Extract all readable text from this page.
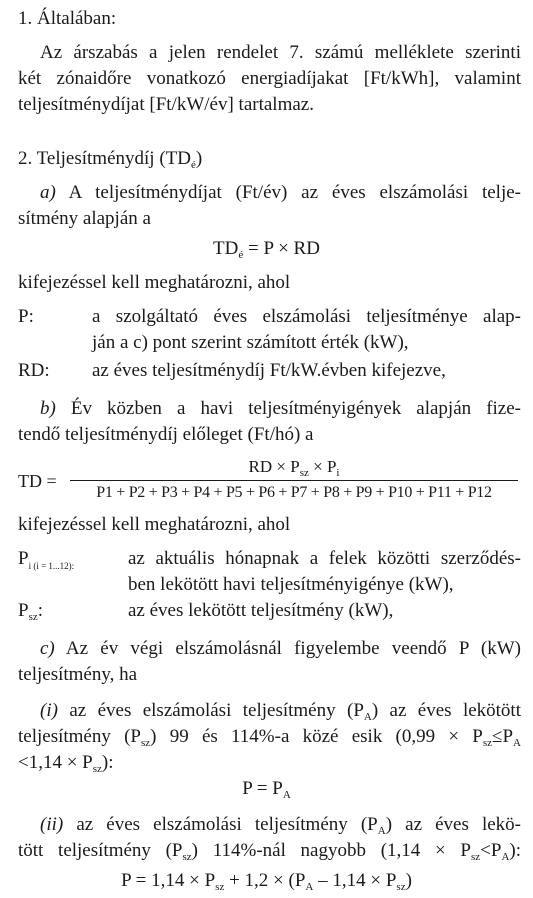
1. Általában:
Az árszabás a jelen rendelet 7. számú melléklete szerinti
két zónaidőre vonatkozó energiadíjakat [Ft/kWh], valamint
teljesítménydíjat [Ft/kW/év] tartalmaz.
2. Teljesítménydíj $(TD_é)$
a) A teljesítménydíjat (Ft/év) az éves elszámolási telje-
sítmény alapján a
$TD_é = P$ × RD
kifejezéssel kell meghatározni, ahol
P:	a szolgáltató éves elszámolási teljesítménye alap-
ján a c) pont szerint számított érték (kW),
RD: az éves teljesítménydíj Ft/kW.évben kifejezve,
b) Év közben a havi teljesítményigények alapján fize-
tendő teljesítménydíj előleget (Ft/hó) a
TD =
RD × $P_{sz} \times P_i$
P1 + P2 + P3 + P4 + P5 + P6 + P7 + P8 + P9 + P10 + P11 + P12
kifejezéssel kell meghatározni, ahol
$P_{i (i = 1...12):}$	az aktuális hónapnak a felek közötti szerződés-
ben lekötött havi teljesítményigénye (kW),
$P_{sz}$:	az éves lekötött teljesítmény (kW),
c) Az év végi elszámolásnál figyelembe veendő P (kW)
teljesítmény, ha
(i) az éves elszámolási teljesítmény $(P_A)$ az éves lekötött
teljesítmény $(P_{sz})$ 99 és 114%-a közé esik ($0,99 \times P_{sz}\le P_A$
$<1,14 \times P_{sz}$):
$P = P_A$
(ii) az éves elszámolási teljesítmény $(P_A)$ az éves lekö-
tött teljesítmény $(P_{sz})$ 114%-nál nagyobb $(1,14 \times P_{sz}<P_A)$:
$P = 1,14 \times P_{sz} + 1,2 \times (P_A - 1,14 \times P_{sz})$
